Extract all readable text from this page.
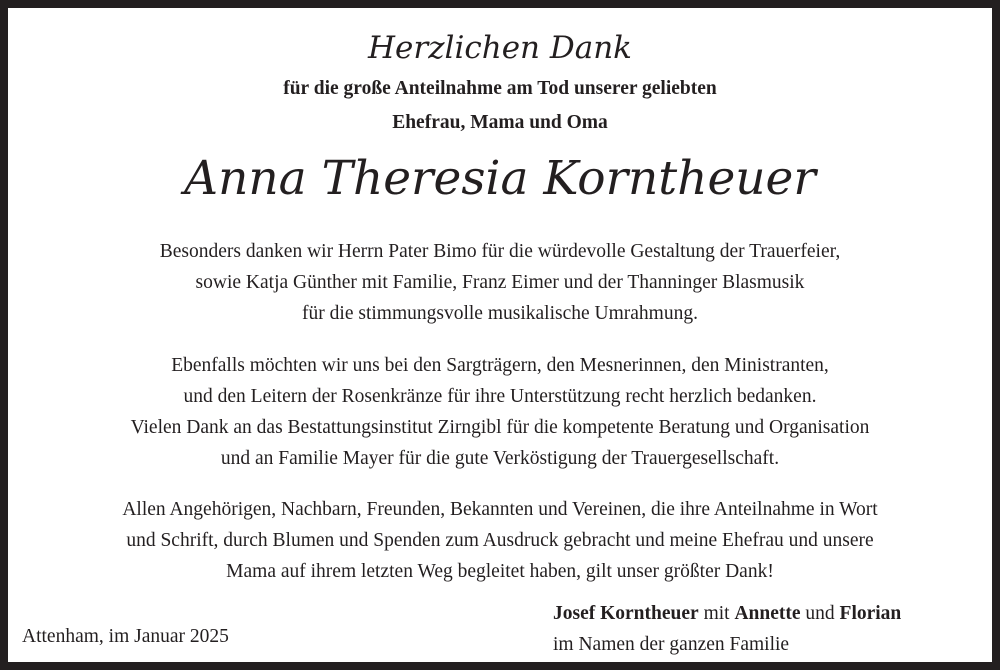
Herzlichen Dank
für die große Anteilnahme am Tod unserer geliebten
Ehefrau, Mama und Oma
Anna Theresia Korntheuer
Besonders danken wir Herrn Pater Bimo für die würdevolle Gestaltung der Trauerfeier,
sowie Katja Günther mit Familie, Franz Eimer und der Thanninger Blasmusik
für die stimmungsvolle musikalische Umrahmung.
Ebenfalls möchten wir uns bei den Sargträgern, den Mesnerinnen, den Ministranten,
und den Leitern der Rosenkränze für ihre Unterstützung recht herzlich bedanken.
Vielen Dank an das Bestattungsinstitut Zirngibl für die kompetente Beratung und Organisation
und an Familie Mayer für die gute Verköstigung der Trauergesellschaft.
Allen Angehörigen, Nachbarn, Freunden, Bekannten und Vereinen, die ihre Anteilnahme in Wort
und Schrift, durch Blumen und Spenden zum Ausdruck gebracht und meine Ehefrau und unsere
Mama auf ihrem letzten Weg begleitet haben, gilt unser größter Dank!
Attenham, im Januar 2025
Josef Korntheuer mit Annette und Florian
im Namen der ganzen Familie
